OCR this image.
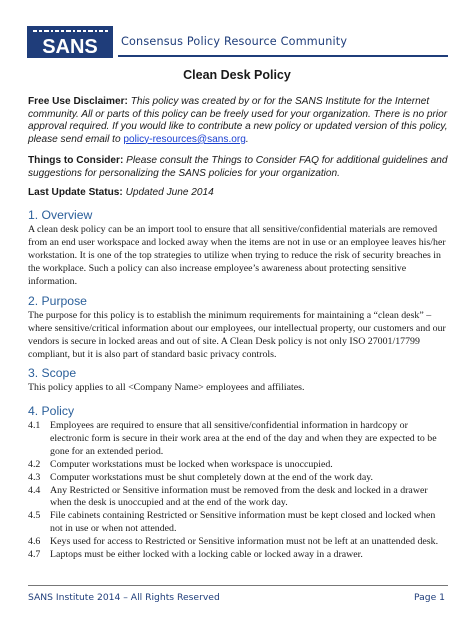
SANS Consensus Policy Resource Community
Clean Desk Policy
Free Use Disclaimer: This policy was created by or for the SANS Institute for the Internet community. All or parts of this policy can be freely used for your organization. There is no prior approval required. If you would like to contribute a new policy or updated version of this policy, please send email to policy-resources@sans.org.
Things to Consider: Please consult the Things to Consider FAQ for additional guidelines and suggestions for personalizing the SANS policies for your organization.
Last Update Status: Updated June 2014
1. Overview
A clean desk policy can be an import tool to ensure that all sensitive/confidential materials are removed from an end user workspace and locked away when the items are not in use or an employee leaves his/her workstation. It is one of the top strategies to utilize when trying to reduce the risk of security breaches in the workplace. Such a policy can also increase employee’s awareness about protecting sensitive information.
2. Purpose
The purpose for this policy is to establish the minimum requirements for maintaining a “clean desk” – where sensitive/critical information about our employees, our intellectual property, our customers and our vendors is secure in locked areas and out of site. A Clean Desk policy is not only ISO 27001/17799 compliant, but it is also part of standard basic privacy controls.
3. Scope
This policy applies to all <Company Name> employees and affiliates.
4. Policy
4.1 Employees are required to ensure that all sensitive/confidential information in hardcopy or electronic form is secure in their work area at the end of the day and when they are expected to be gone for an extended period.
4.2 Computer workstations must be locked when workspace is unoccupied.
4.3 Computer workstations must be shut completely down at the end of the work day.
4.4 Any Restricted or Sensitive information must be removed from the desk and locked in a drawer when the desk is unoccupied and at the end of the work day.
4.5 File cabinets containing Restricted or Sensitive information must be kept closed and locked when not in use or when not attended.
4.6 Keys used for access to Restricted or Sensitive information must not be left at an unattended desk.
4.7 Laptops must be either locked with a locking cable or locked away in a drawer.
SANS Institute 2014 – All Rights Reserved	Page 1
